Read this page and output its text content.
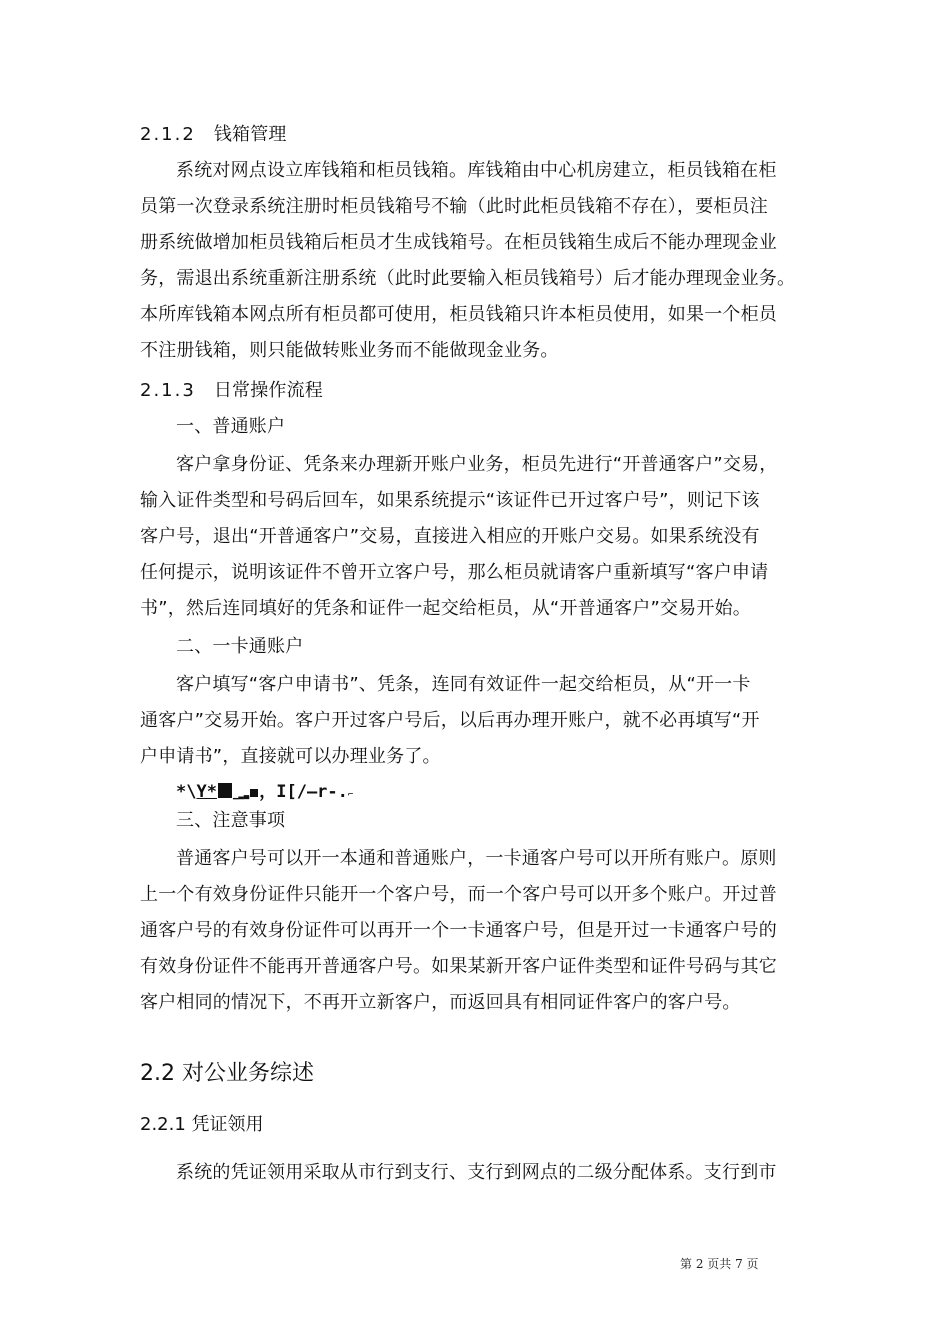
2.1.2 钱箱管理
系统对网点设立库钱箱和柜员钱箱。库钱箱由中心机房建立，柜员钱箱在柜
员第一次登录系统注册时柜员钱箱号不输（此时此柜员钱箱不存在），要柜员注
册系统做增加柜员钱箱后柜员才生成钱箱号。在柜员钱箱生成后不能办理现金业
务，需退出系统重新注册系统（此时此要输入柜员钱箱号）后才能办理现金业务。
本所库钱箱本网点所有柜员都可使用，柜员钱箱只许本柜员使用，如果一个柜员
不注册钱箱，则只能做转账业务而不能做现金业务。
2.1.3 日常操作流程
一、普通账户
客户拿身份证、凭条来办理新开账户业务，柜员先进行“开普通客户”交易，
输入证件类型和号码后回车，如果系统提示“该证件已开过客户号”，则记下该
客户号，退出“开普通客户”交易，直接进入相应的开账户交易。如果系统没有
任何提示，说明该证件不曾开立客户号，那么柜员就请客户重新填写“客户申请
书”，然后连同填好的凭条和证件一起交给柜员，从“开普通客户”交易开始。
二、一卡通账户
客户填写“客户申请书”、凭条，连同有效证件一起交给柜员，从“开一卡
通客户”交易开始。客户开过客户号后，以后再办理开账户，就不必再填写“开
户申请书”，直接就可以办理业务了。
*\Y* ▁▂▃ ，I[/—r-.⌐
三、注意事项
普通客户号可以开一本通和普通账户，一卡通客户号可以开所有账户。原则
上一个有效身份证件只能开一个客户号，而一个客户号可以开多个账户。开过普
通客户号的有效身份证件可以再开一个一卡通客户号，但是开过一卡通客户号的
有效身份证件不能再开普通客户号。如果某新开客户证件类型和证件号码与其它
客户相同的情况下，不再开立新客户，而返回具有相同证件客户的客户号。
2.2 对公业务综述
2.2.1 凭证领用
系统的凭证领用采取从市行到支行、支行到网点的二级分配体系。支行到市
第 2 页共 7 页
